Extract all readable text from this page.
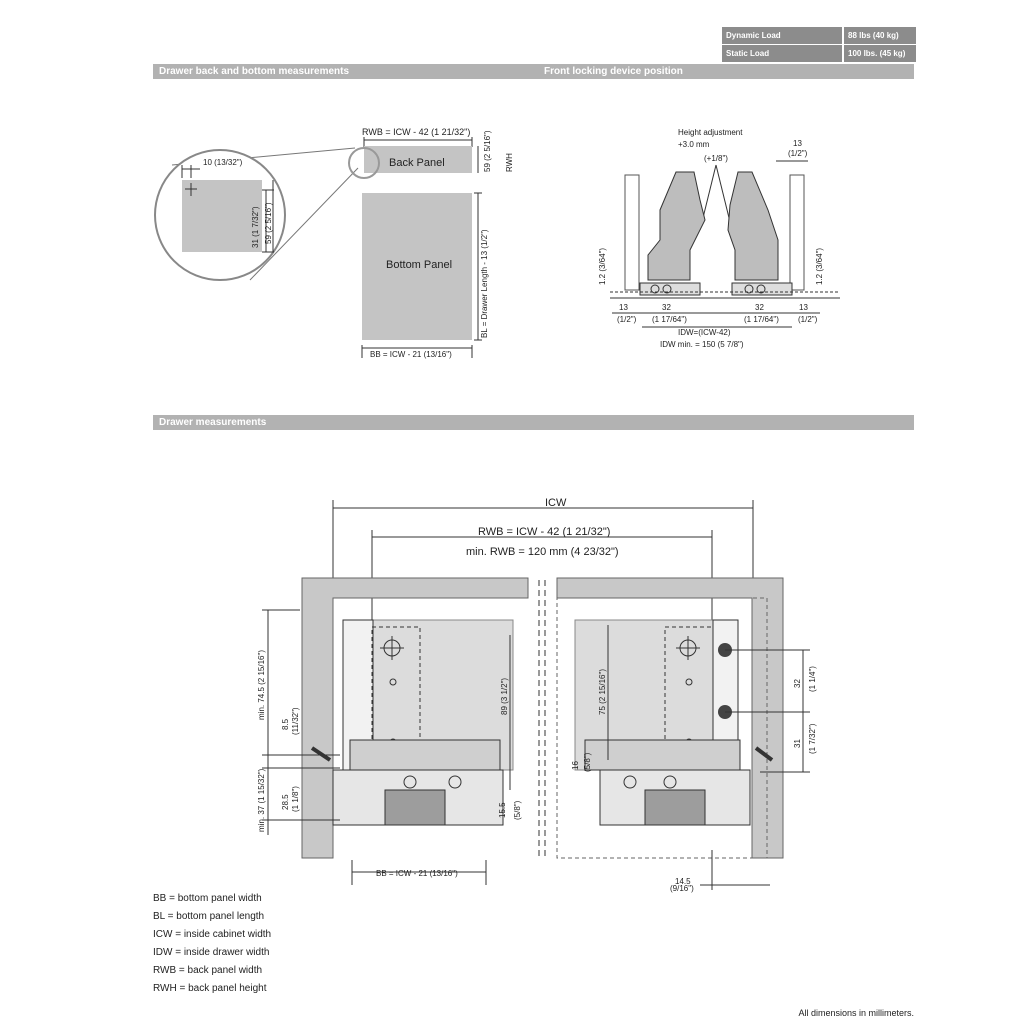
Dynamic Load	88 lbs (40 kg)
Static Load	100 lbs. (45 kg)
Drawer back and bottom measurements	Front locking device position
Drawer measurements
10 (13/32")
31 (1 7/32") 59 (2 5/16")
RWB = ICW - 42 (1 21/32")
Back Panel	59 (2 5/16") RWH
Bottom Panel	BL = Drawer Length - 13 (1/2")
BB = ICW - 21 (13/16")
Height adjustment
+3.0 mm
(+1/8")
13
(1/2")
1.2 (3/64")	1.2 (3/64")
13
(1/2")
32
(1 17/64")
32
(1 17/64")
13
(1/2")
IDW=(ICW-42)
IDW min. = 150 (5 7/8")
ICW
RWB = ICW - 42 (1 21/32")
min. RWB = 120 mm (4 23/32")
min. 74.5 (2 15/16")
8.5 (11/32")
min. 37 (1 15/32") 28.5 (1 1/8")
89 (3 1/2")
15.5 (5/8")
75 (2 15/16")
16 (5/8")
32 (1 1/4")
31 (1 7/32")
BB = ICW - 21 (13/16")
14.5
(9/16")
BB = bottom panel width
BL = bottom panel length
ICW = inside cabinet width
IDW = inside drawer width
RWB = back panel width
RWH = back panel height
All dimensions in millimeters.
